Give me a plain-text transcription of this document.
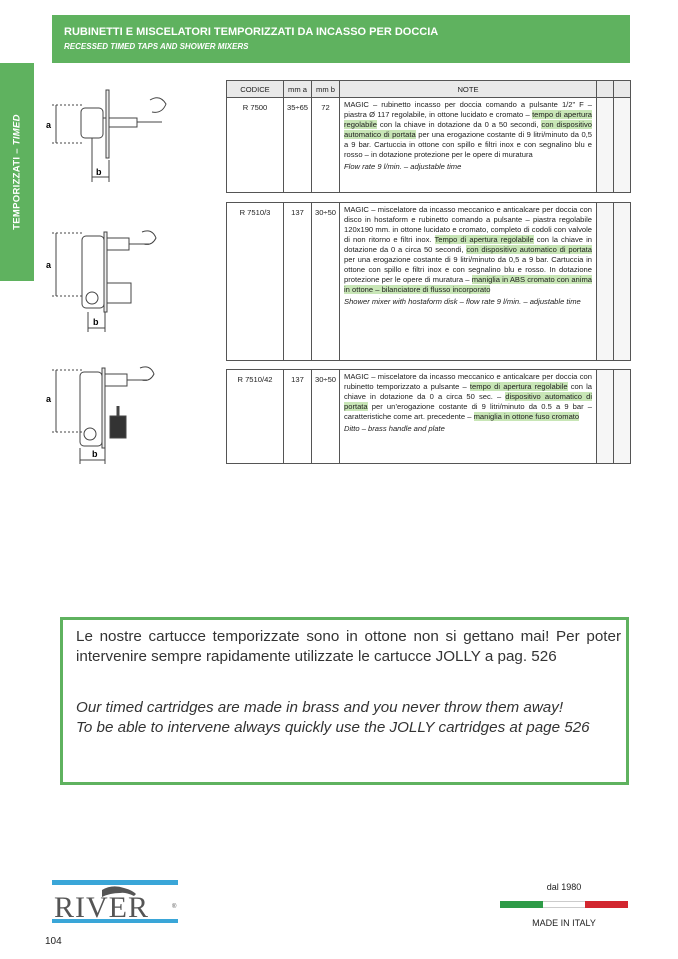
TEMPORIZZATI – TIMED
RUBINETTI E MISCELATORI TEMPORIZZATI DA INCASSO PER DOCCIA
RECESSED TIMED TAPS AND SHOWER MIXERS
a
b
a
b
a
b
CODICE	mm a	mm b	NOTE		
R 7500	35÷65	72	MAGIC – rubinetto incasso per doccia comando a pulsante 1/2” F – piastra Ø 117 regolabile, in ottone lucidato e cromato – tempo di apertura regolabile con la chiave in dotazione da 0 a 50 secondi, con dispositivo automatico di portata per una erogazione costante di 9 litri/minuto da 0,5 a 9 bar. Cartuccia in ottone con spillo e filtri inox e con segnalino blu e rosso – in dotazione protezione per le opere di muratura
Flow rate 9 l/min. – adjustable time		

R 7510/3	137	30÷50	MAGIC – miscelatore da incasso meccanico e anticalcare per doccia con disco in hostaform e rubinetto comando a pulsante – piastra regolabile 120x190 mm. in ottone lucidato e cromato, completo di codoli con valvole di non ritorno e filtri inox. Tempo di apertura regolabile con la chiave in dotazione da 0 a circa 50 secondi, con dispositivo automatico di portata per una erogazione costante di 9 litri/minuto da 0,5 a 9 bar. Cartuccia in ottone con spillo e filtri inox e con segnalino blu e rosso. In dotazione protezione per le opere di muratura – maniglia in ABS cromato con anima in ottone – bilanciatore di flusso incorporato
Shower mixer with hostaform disk – flow rate 9 l/min. – adjustable time

R 7510/42	137	30÷50	MAGIC – miscelatore da incasso meccanico e anticalcare per doccia con rubinetto temporizzato a pulsante – tempo di apertura regolabile con la chiave in dotazione da 0 a circa 50 sec. – dispositivo automatico di portata per un’erogazione costante di 9 litri/minuto da 0.5 a 9 bar – caratteristiche come art. precedente – maniglia in ottone fuso cromato
Ditto – brass handle and plate

Le nostre cartucce temporizzate sono in ottone non si gettano mai! Per poter intervenire sempre rapidamente utilizzate le cartucce JOLLY a pag. 526
Our timed cartridges are made in brass and you never throw them away!
To be able to intervene always quickly use the JOLLY cartridges at page 526
RIVER	®
dal 1980
MADE IN ITALY
104
